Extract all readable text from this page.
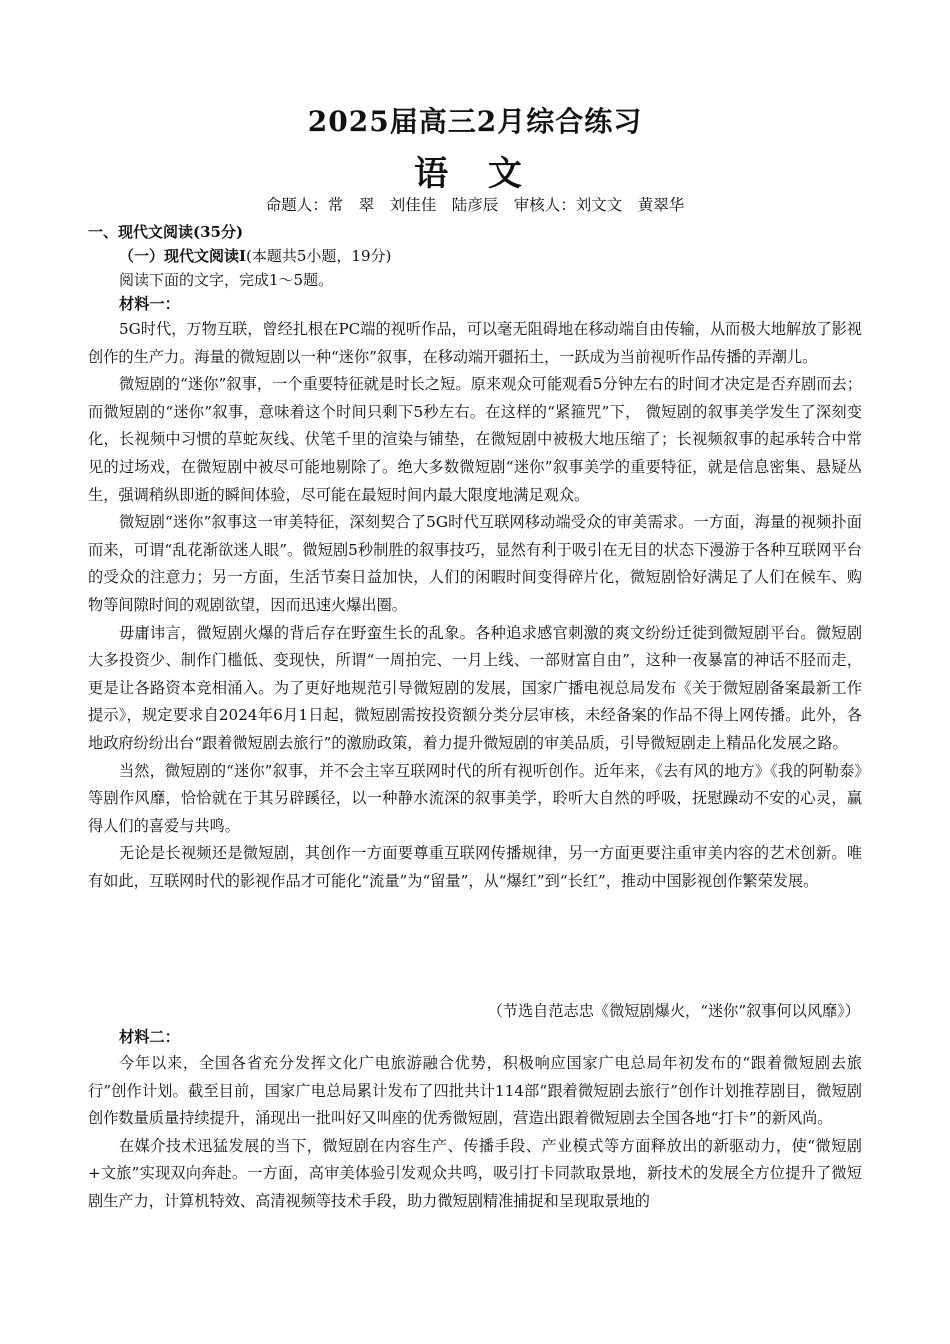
2025届高三2月综合练习
语 文
命题人：常　翠　刘佳佳　陆彦辰　审核人：刘文文　黄翠华
一、现代文阅读(35分)
（一）现代文阅读Ⅰ(本题共5小题，19分)
阅读下面的文字，完成1～5题。
材料一：

5G时代，万物互联，曾经扎根在PC端的视听作品，可以毫无阻碍地在移动端自由传输，从而极大地解放了影视创作的生产力。海量的微短剧以一种“迷你”叙事，在移动端开疆拓土，一跃成为当前视听作品传播的弄潮儿。

微短剧的“迷你”叙事，一个重要特征就是时长之短。原来观众可能观看5分钟左右的时间才决定是否弃剧而去；而微短剧的“迷你”叙事，意味着这个时间只剩下5秒左右。在这样的“紧箍咒”下， 微短剧的叙事美学发生了深刻变化，长视频中习惯的草蛇灰线、伏笔千里的渲染与铺垫，在微短剧中被极大地压缩了；长视频叙事的起承转合中常见的过场戏，在微短剧中被尽可能地剔除了。绝大多数微短剧“迷你”叙事美学的重要特征，就是信息密集、悬疑丛生，强调稍纵即逝的瞬间体验，尽可能在最短时间内最大限度地满足观众。

微短剧“迷你”叙事这一审美特征，深刻契合了5G时代互联网移动端受众的审美需求。一方面，海量的视频扑面而来，可谓“乱花渐欲迷人眼”。微短剧5秒制胜的叙事技巧，显然有利于吸引在无目的状态下漫游于各种互联网平台的受众的注意力；另一方面，生活节奏日益加快，人们的闲暇时间变得碎片化，微短剧恰好满足了人们在候车、购物等间隙时间的观剧欲望，因而迅速火爆出圈。

毋庸讳言，微短剧火爆的背后存在野蛮生长的乱象。各种追求感官刺激的爽文纷纷迁徙到微短剧平台。微短剧大多投资少、制作门槛低、变现快，所谓“一周拍完、一月上线、一部财富自由”，这种一夜暴富的神话不胫而走，更是让各路资本竞相涌入。为了更好地规范引导微短剧的发展，国家广播电视总局发布《关于微短剧备案最新工作提示》，规定要求自2024年6月1日起，微短剧需按投资额分类分层审核，未经备案的作品不得上网传播。此外，各地政府纷纷出台“跟着微短剧去旅行”的激励政策，着力提升微短剧的审美品质，引导微短剧走上精品化发展之路。

当然，微短剧的“迷你”叙事，并不会主宰互联网时代的所有视听创作。近年来，《去有风的地方》《我的阿勒泰》等剧作风靡，恰恰就在于其另辟蹊径，以一种静水流深的叙事美学，聆听大自然的呼吸，抚慰躁动不安的心灵，赢得人们的喜爱与共鸣。

无论是长视频还是微短剧，其创作一方面要尊重互联网传播规律，另一方面更要注重审美内容的艺术创新。唯有如此，互联网时代的影视作品才可能化“流量”为“留量”，从“爆红”到“长红”，推动中国影视创作繁荣发展。

（节选自范志忠《微短剧爆火，“迷你”叙事何以风靡》）
材料二：

今年以来，全国各省充分发挥文化广电旅游融合优势，积极响应国家广电总局年初发布的“跟着微短剧去旅行”创作计划。截至目前，国家广电总局累计发布了四批共计114部“跟着微短剧去旅行”创作计划推荐剧目，微短剧创作数量质量持续提升，涌现出一批叫好又叫座的优秀微短剧，营造出跟着微短剧去全国各地“打卡”的新风尚。

在媒介技术迅猛发展的当下，微短剧在内容生产、传播手段、产业模式等方面释放出的新驱动力，使“微短剧+文旅”实现双向奔赴。一方面，高审美体验引发观众共鸣，吸引打卡同款取景地，新技术的发展全方位提升了微短剧生产力，计算机特效、高清视频等技术手段，助力微短剧精准捕捉和呈现取景地的
